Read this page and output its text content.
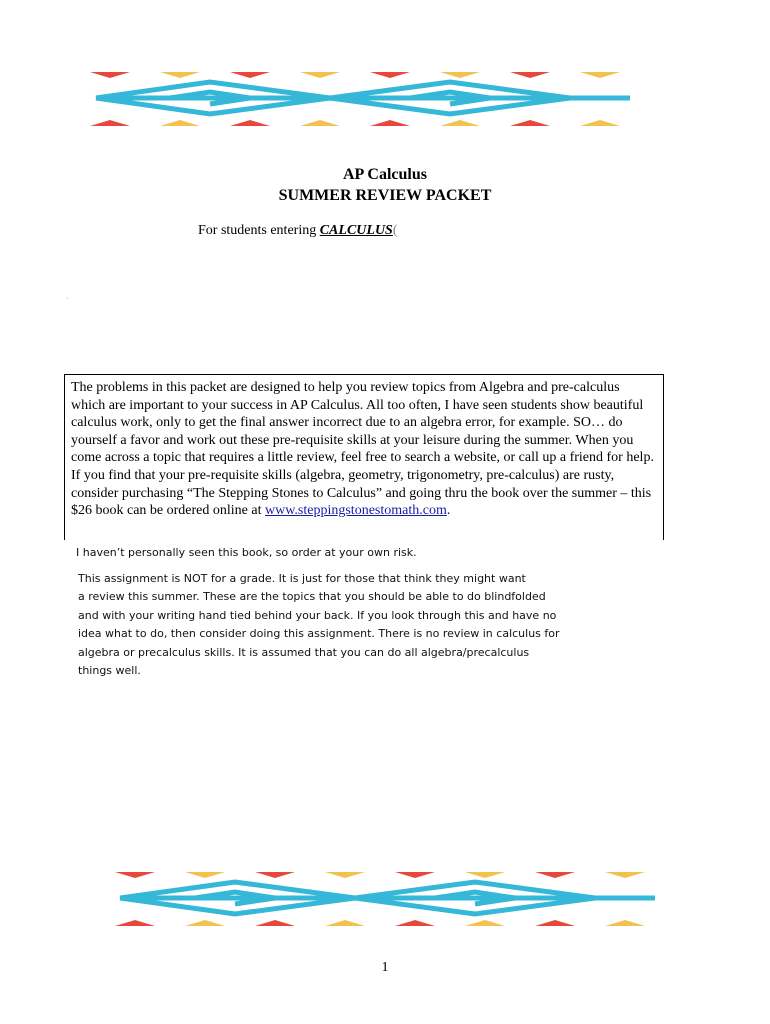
AP Calculus
SUMMER REVIEW PACKET
For students entering CALCULUS(
·

The problems in this packet are designed to help you review topics from Algebra and pre-calculus which are important to your success in AP Calculus. All too often, I have seen students show beautiful calculus work, only to get the final answer incorrect due to an algebra error, for example. SO… do yourself a favor and work out these pre-requisite skills at your leisure during the summer. When you come across a topic that requires a little review, feel free to search a website, or call up a friend for help. If you find that your pre-requisite skills (algebra, geometry, trigonometry, pre-calculus) are rusty, consider purchasing “The Stepping Stones to Calculus” and going thru the book over the summer – this $26 book can be ordered online at www.steppingstonestomath.com.

I haven’t personally seen this book, so order at your own risk.

This assignment is NOT for a grade. It is just for those that think they might want
a review this summer. These are the topics that you should be able to do blindfolded
and with your writing hand tied behind your back. If you look through this and have no
idea what to do, then consider doing this assignment. There is no review in calculus for
algebra or precalculus skills. It is assumed that you can do all algebra/precalculus
things well.

1
